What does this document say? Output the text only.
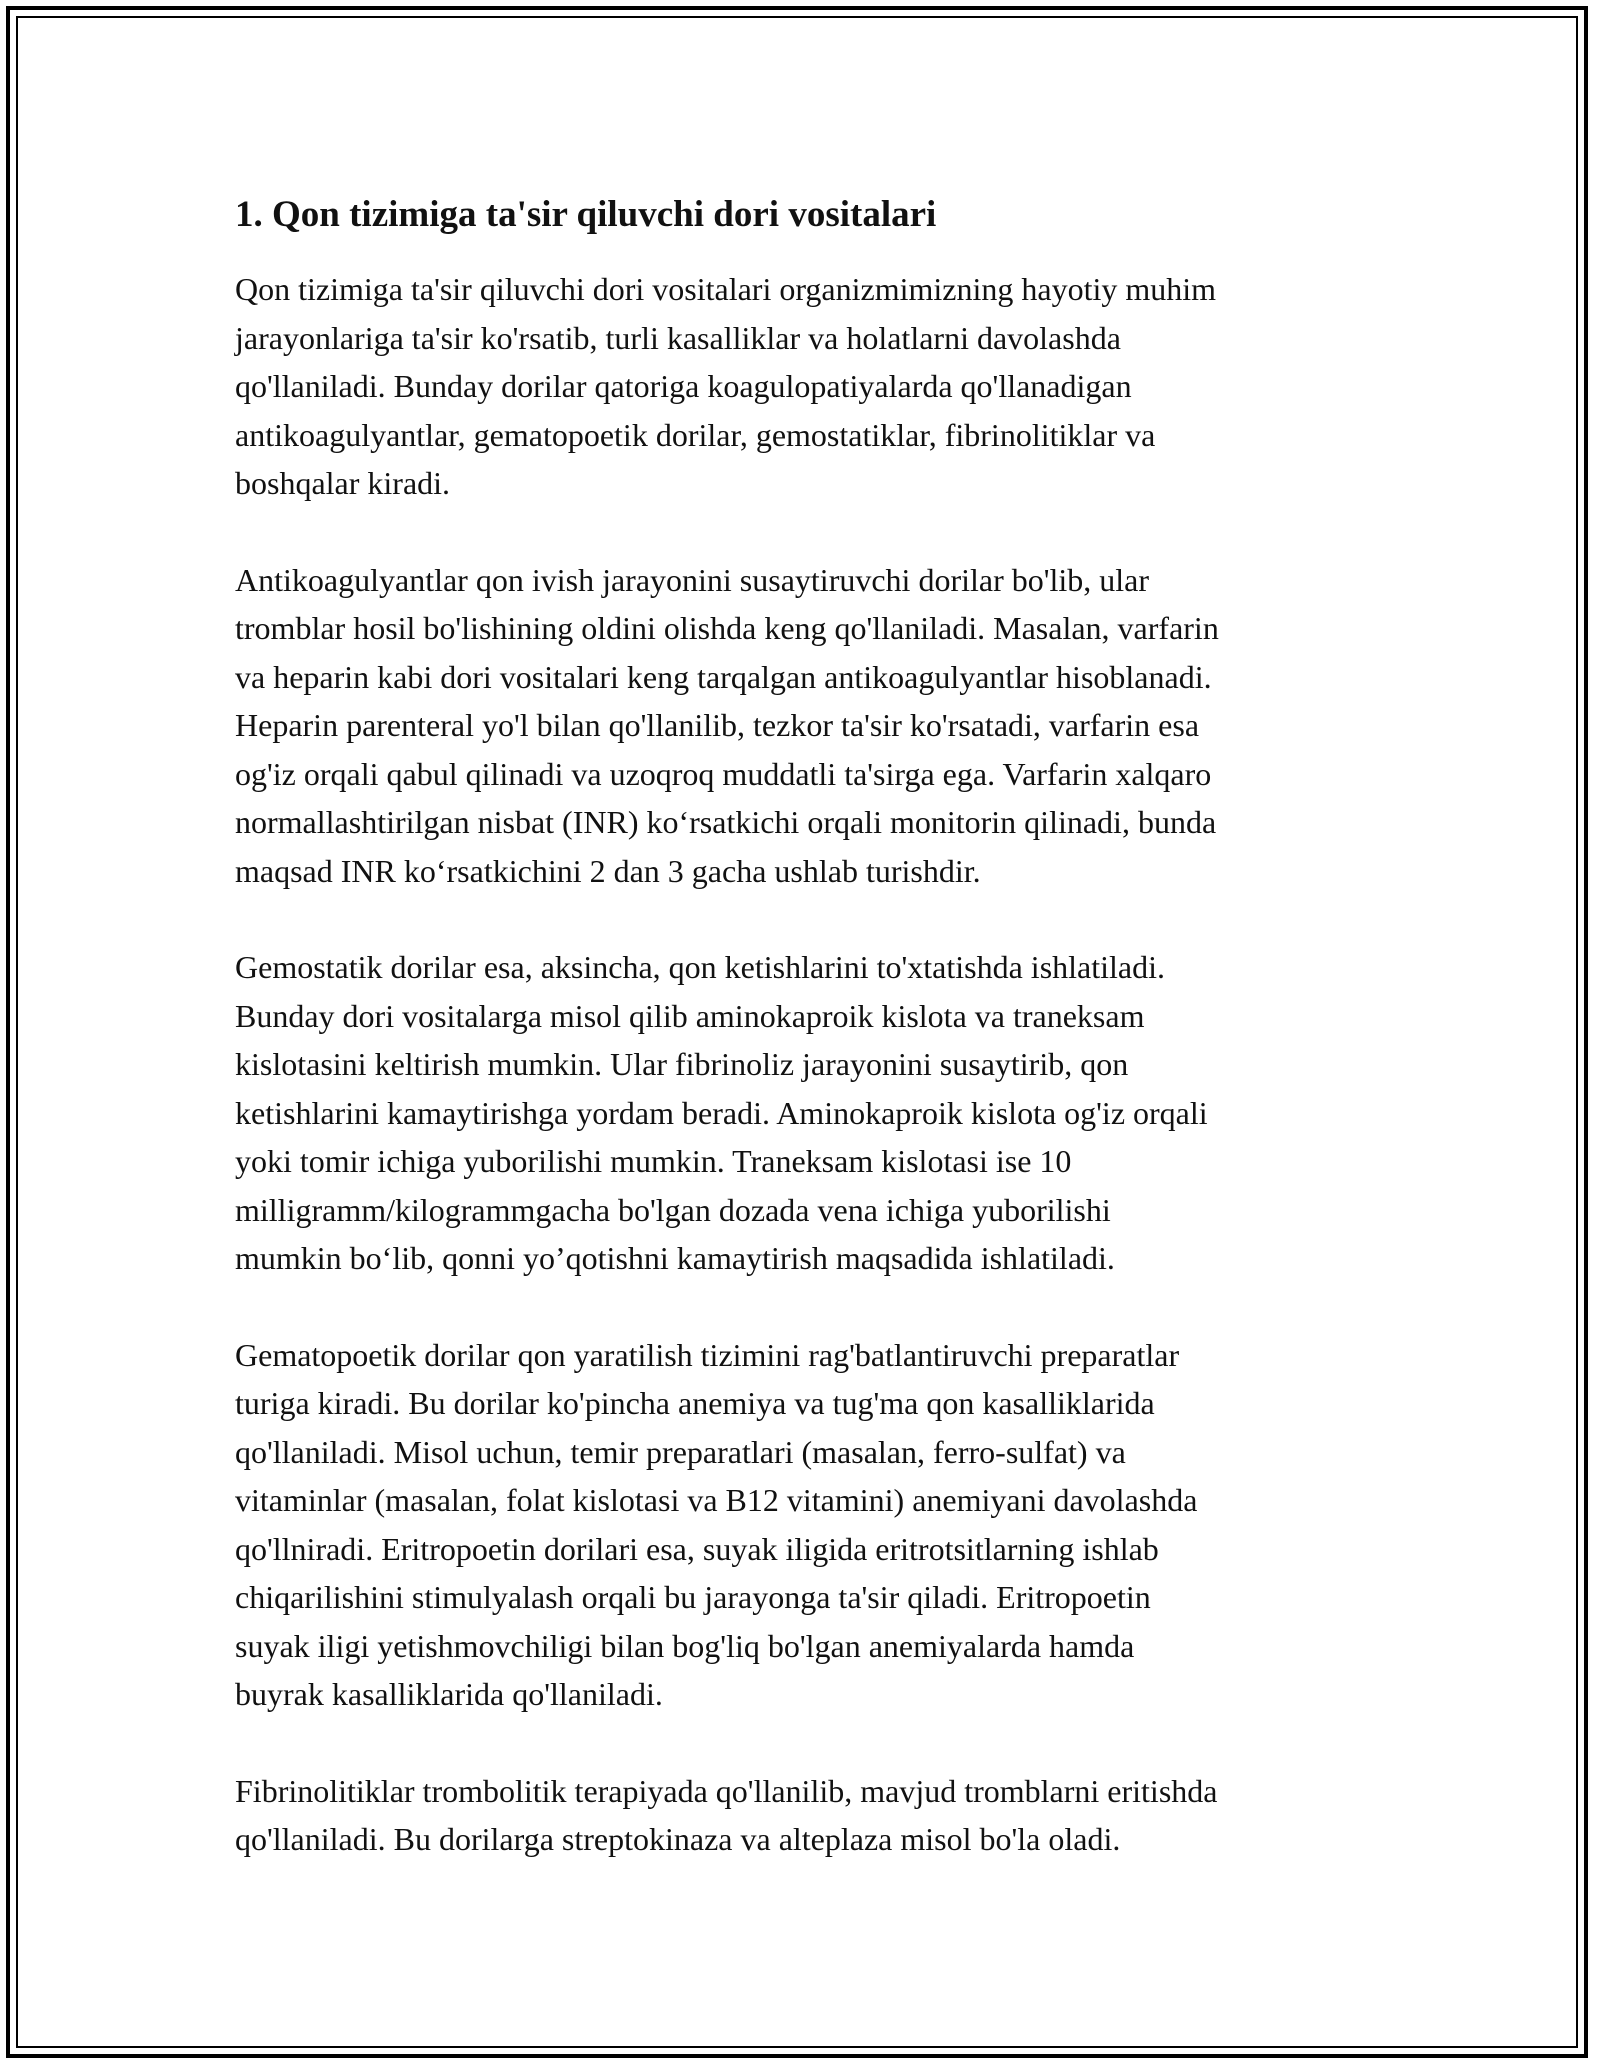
1. Qon tizimiga ta'sir qiluvchi dori vositalari
Qon tizimiga ta'sir qiluvchi dori vositalari organizmimizning hayotiy muhim
jarayonlariga ta'sir ko'rsatib, turli kasalliklar va holatlarni davolashda
qo'llaniladi. Bunday dorilar qatoriga koagulopatiyalarda qo'llanadigan
antikoagulyantlar, gematopoetik dorilar, gemostatiklar, fibrinolitiklar va
boshqalar kiradi.
Antikoagulyantlar qon ivish jarayonini susaytiruvchi dorilar bo'lib, ular
tromblar hosil bo'lishining oldini olishda keng qo'llaniladi. Masalan, varfarin
va heparin kabi dori vositalari keng tarqalgan antikoagulyantlar hisoblanadi.
Heparin parenteral yo'l bilan qo'llanilib, tezkor ta'sir ko'rsatadi, varfarin esa
og'iz orqali qabul qilinadi va uzoqroq muddatli ta'sirga ega. Varfarin xalqaro
normallashtirilgan nisbat (INR) ko‘rsatkichi orqali monitorin qilinadi, bunda
maqsad INR ko‘rsatkichini 2 dan 3 gacha ushlab turishdir.
Gemostatik dorilar esa, aksincha, qon ketishlarini to'xtatishda ishlatiladi.
Bunday dori vositalarga misol qilib aminokaproik kislota va traneksam
kislotasini keltirish mumkin. Ular fibrinoliz jarayonini susaytirib, qon
ketishlarini kamaytirishga yordam beradi. Aminokaproik kislota og'iz orqali
yoki tomir ichiga yuborilishi mumkin. Traneksam kislotasi ise 10
milligramm/kilogrammgacha bo'lgan dozada vena ichiga yuborilishi
mumkin bo‘lib, qonni yo’qotishni kamaytirish maqsadida ishlatiladi.
Gematopoetik dorilar qon yaratilish tizimini rag'batlantiruvchi preparatlar
turiga kiradi. Bu dorilar ko'pincha anemiya va tug'ma qon kasalliklarida
qo'llaniladi. Misol uchun, temir preparatlari (masalan, ferro-sulfat) va
vitaminlar (masalan, folat kislotasi va B12 vitamini) anemiyani davolashda
qo'llniradi. Eritropoetin dorilari esa, suyak iligida eritrotsitlarning ishlab
chiqarilishini stimulyalash orqali bu jarayonga ta'sir qiladi. Eritropoetin
suyak iligi yetishmovchiligi bilan bog'liq bo'lgan anemiyalarda hamda
buyrak kasalliklarida qo'llaniladi.
Fibrinolitiklar trombolitik terapiyada qo'llanilib, mavjud tromblarni eritishda
qo'llaniladi. Bu dorilarga streptokinaza va alteplaza misol bo'la oladi.
